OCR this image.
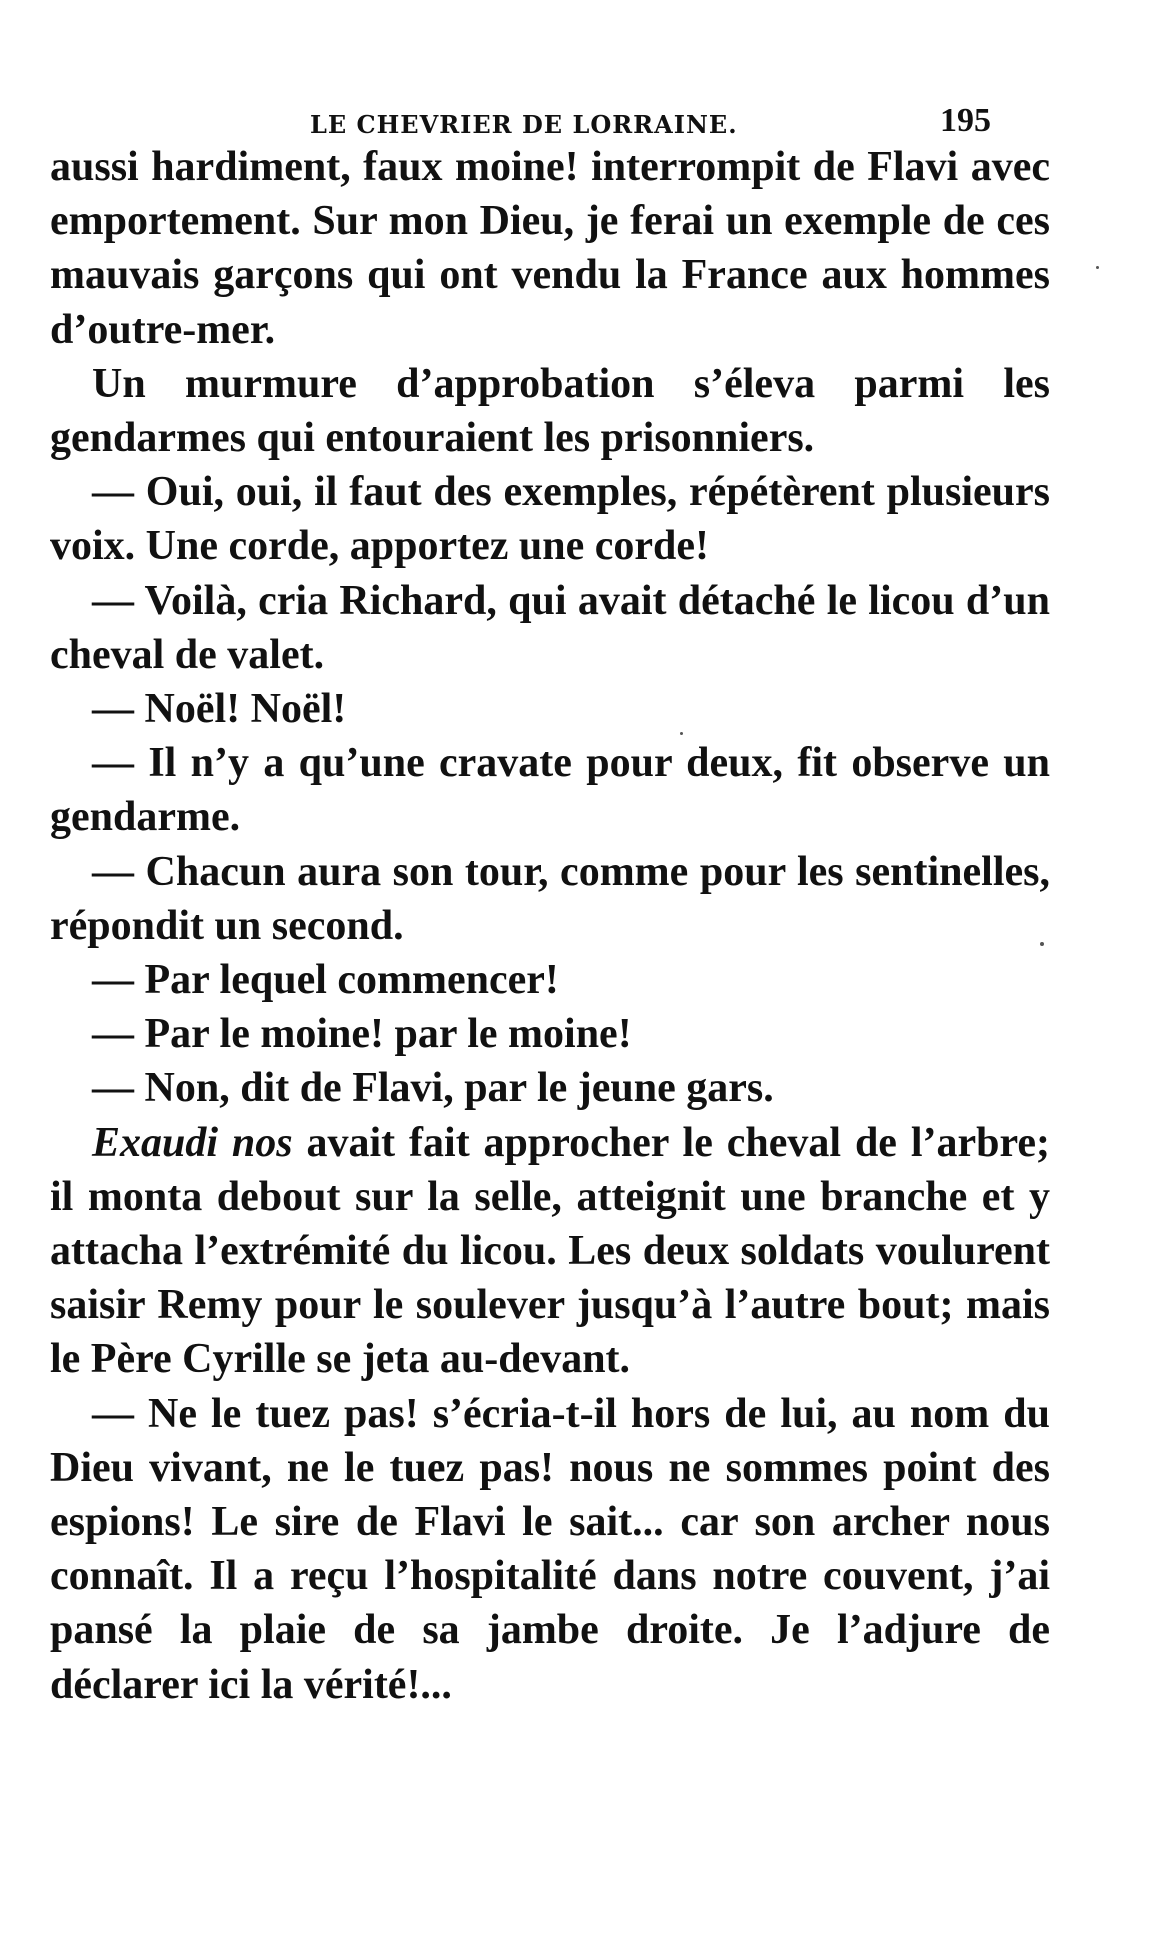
LE CHEVRIER DE LORRAINE.	195

aussi hardiment, faux moine! interrompit de Flavi avec emportement. Sur mon Dieu, je ferai un exemple de ces mauvais garçons qui ont vendu la France aux hommes d’outre-mer.

Un murmure d’approbation s’éleva parmi les gendarmes qui entouraient les prisonniers.

— Oui, oui, il faut des exemples, répétèrent plusieurs voix. Une corde, apportez une corde!

— Voilà, cria Richard, qui avait détaché le licou d’un cheval de valet.

— Noël! Noël!

— Il n’y a qu’une cravate pour deux, fit observe un gendarme.

— Chacun aura son tour, comme pour les sentinelles, répondit un second.

— Par lequel commencer!

— Par le moine! par le moine!

— Non, dit de Flavi, par le jeune gars.

Exaudi nos avait fait approcher le cheval de l’arbre; il monta debout sur la selle, atteignit une branche et y attacha l’extrémité du licou. Les deux soldats voulurent saisir Remy pour le soulever jusqu’à l’autre bout; mais le Père Cyrille se jeta au-devant.

— Ne le tuez pas! s’écria-t-il hors de lui, au nom du Dieu vivant, ne le tuez pas! nous ne sommes point des espions! Le sire de Flavi le sait... car son archer nous connaît. Il a reçu l’hospitalité dans notre couvent, j’ai pansé la plaie de sa jambe droite. Je l’adjure de déclarer ici la vérité!...
